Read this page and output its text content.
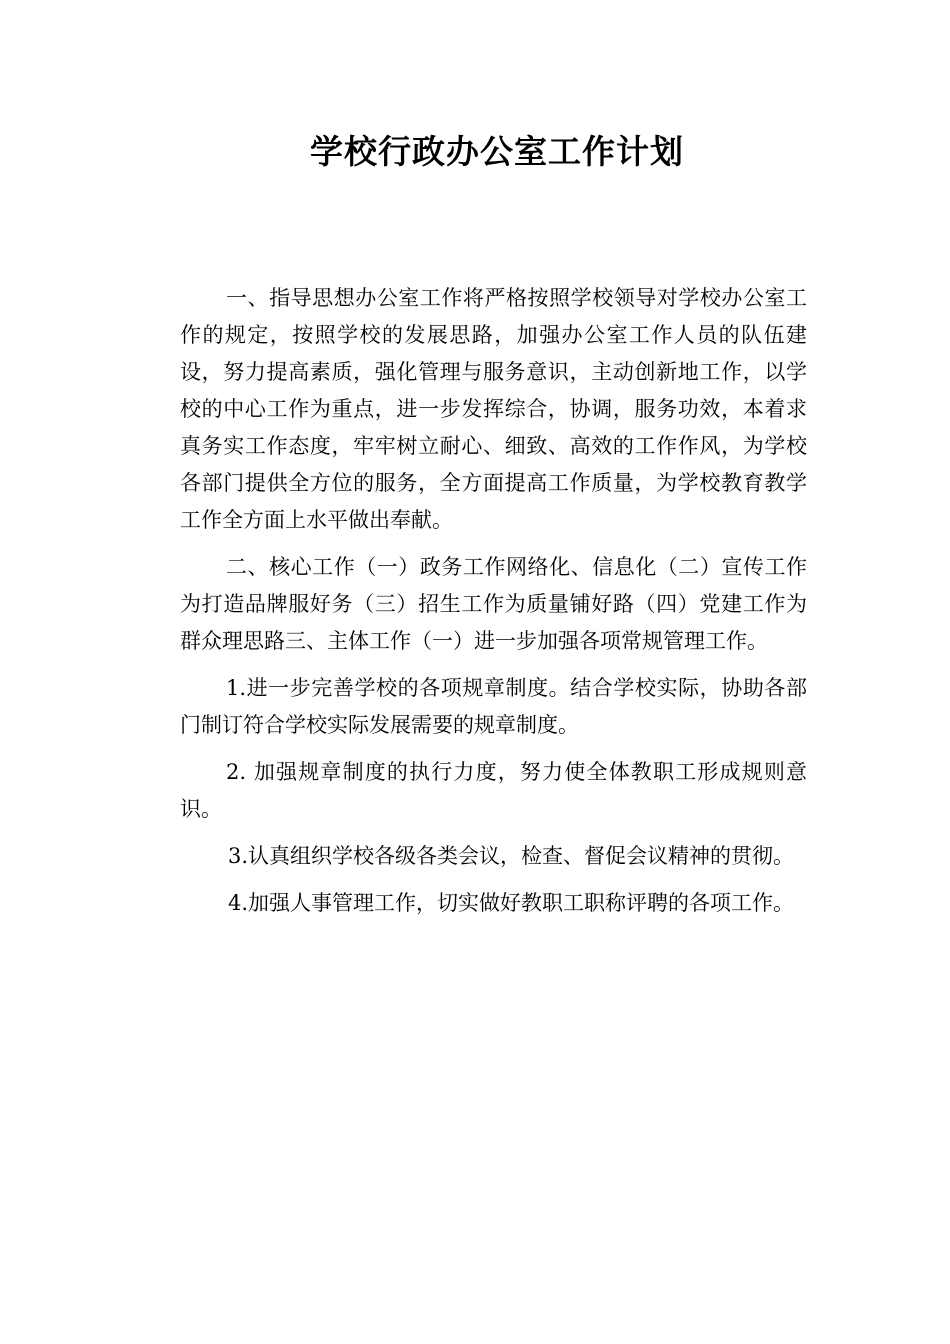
学校行政办公室工作计划

一、指导思想办公室工作将严格按照学校领导对学校办公室工作的规定，按照学校的发展思路，加强办公室工作人员的队伍建设，努力提高素质，强化管理与服务意识，主动创新地工作，以学校的中心工作为重点，进一步发挥综合，协调，服务功效，本着求真务实工作态度，牢牢树立耐心、细致、高效的工作作风，为学校各部门提供全方位的服务，全方面提高工作质量，为学校教育教学工作全方面上水平做出奉献。

二、核心工作（一）政务工作网络化、信息化（二）宣传工作为打造品牌服好务（三）招生工作为质量铺好路（四）党建工作为群众理思路三、主体工作（一）进一步加强各项常规管理工作。

1.进一步完善学校的各项规章制度。结合学校实际，协助各部门制订符合学校实际发展需要的规章制度。

2. 加强规章制度的执行力度，努力使全体教职工形成规则意识。

3.认真组织学校各级各类会议，检查、督促会议精神的贯彻。

4.加强人事管理工作，切实做好教职工职称评聘的各项工作。
